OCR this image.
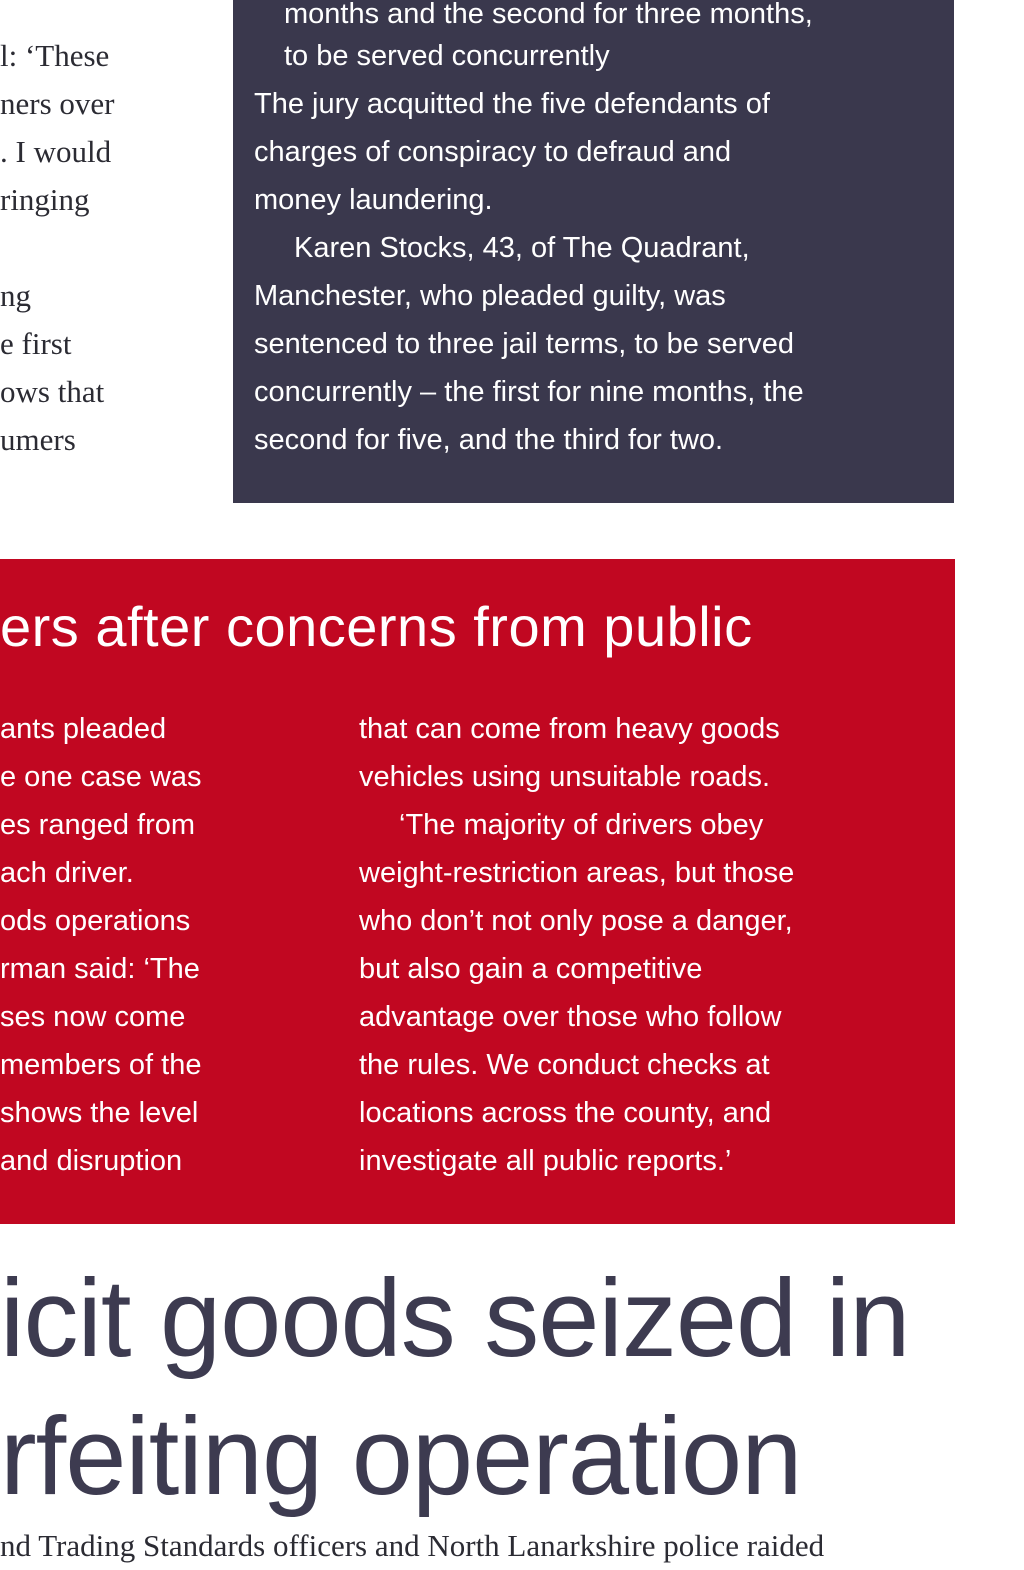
l: ‘These
ners over
. I would
ringing
ng
e first
ows that
umers
months and the second for three months,
to be served concurrently
The jury acquitted the five defendants of
charges of conspiracy to defraud and
money laundering.
Karen Stocks, 43, of The Quadrant,
Manchester, who pleaded guilty, was
sentenced to three jail terms, to be served
concurrently – the first for nine months, the
second for five, and the third for two.
ers after concerns from public
ants pleaded
e one case was
es ranged from
ach driver.
ods operations
rman said: ‘The
ses now come
members of the
shows the level
and disruption
that can come from heavy goods
vehicles using unsuitable roads.
‘The majority of drivers obey
weight-restriction areas, but those
who don’t not only pose a danger,
but also gain a competitive
advantage over those who follow
the rules. We conduct checks at
locations across the county, and
investigate all public reports.’
icit goods seized in
rfeiting operation
nd Trading Standards officers and North Lanarkshire police raided
